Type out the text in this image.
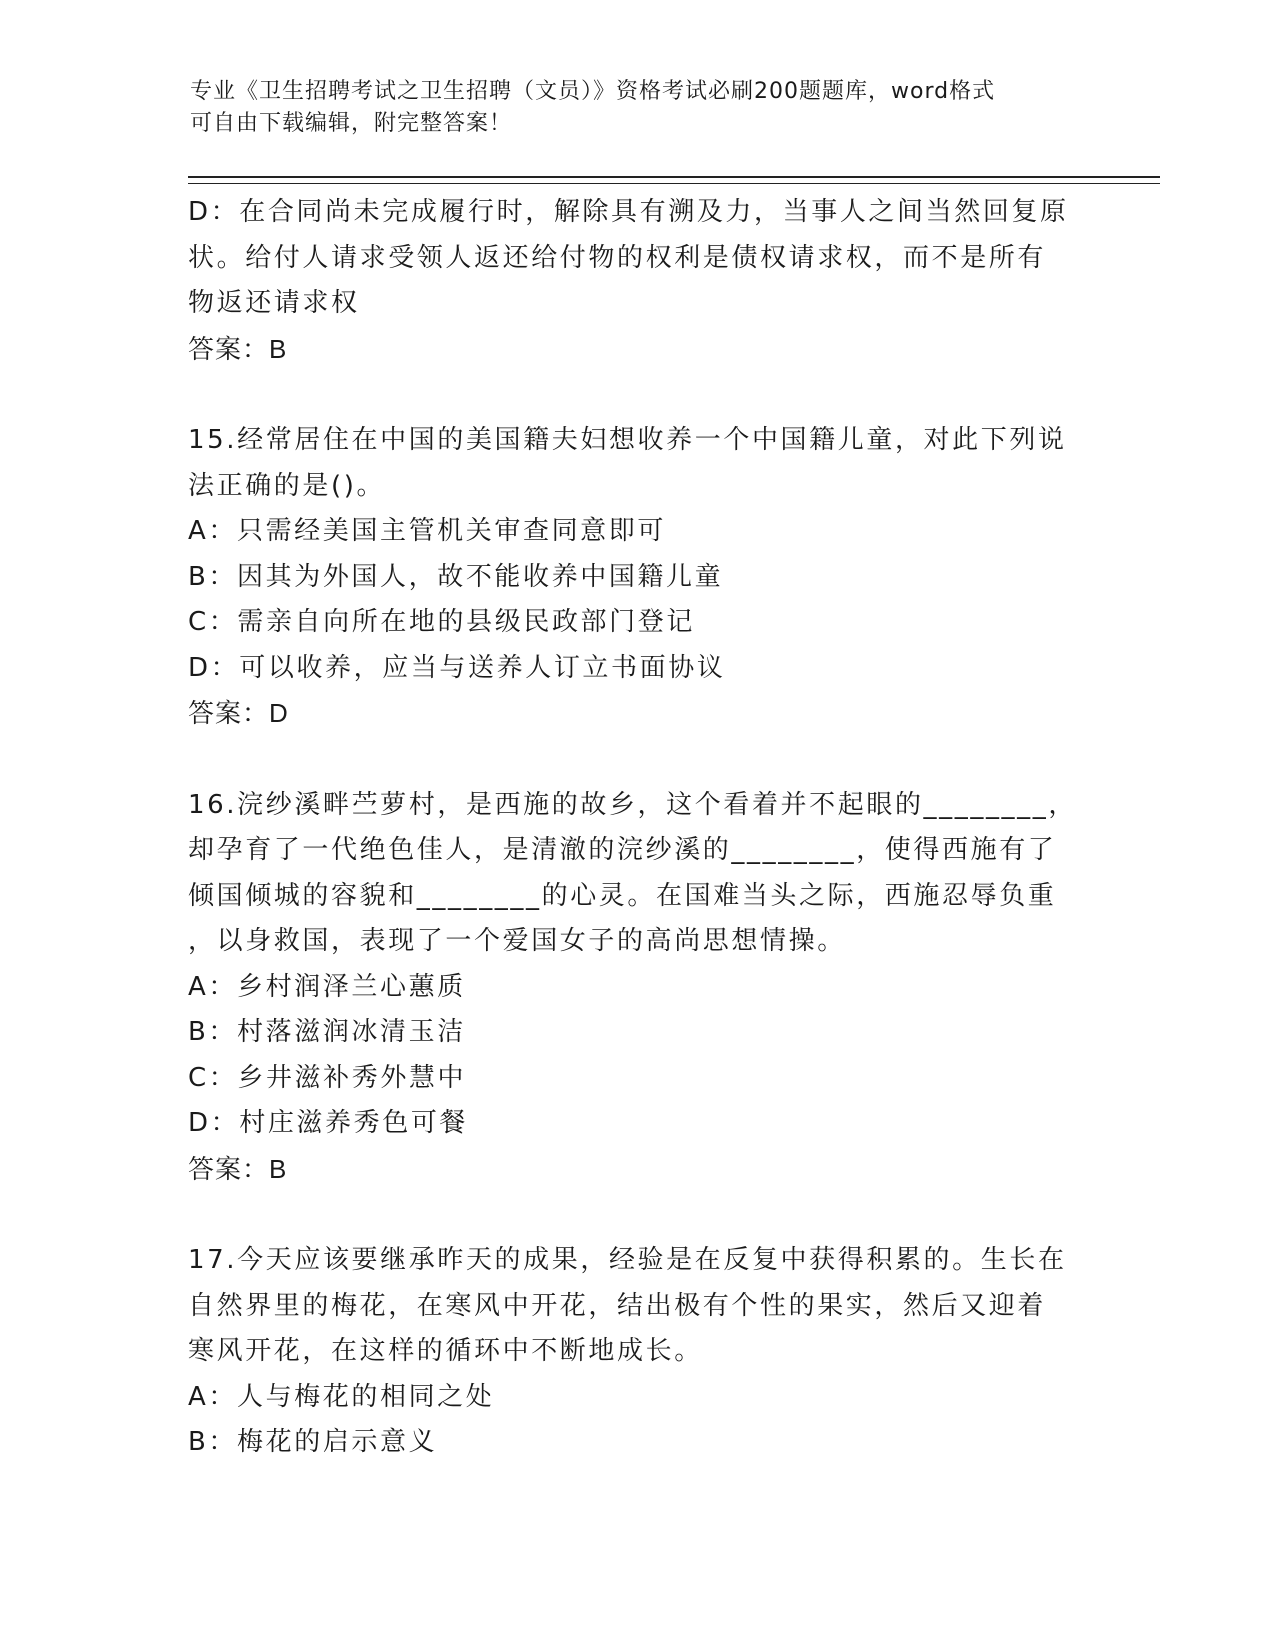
专业《卫生招聘考试之卫生招聘（文员）》资格考试必刷200题题库，word格式
可自由下载编辑，附完整答案！
D：在合同尚未完成履行时，解除具有溯及力，当事人之间当然回复原
状。给付人请求受领人返还给付物的权利是债权请求权，而不是所有
物返还请求权
答案：B
15.经常居住在中国的美国籍夫妇想收养一个中国籍儿童，对此下列说
法正确的是()。
A：只需经美国主管机关审查同意即可
B：因其为外国人，故不能收养中国籍儿童
C：需亲自向所在地的县级民政部门登记
D：可以收养，应当与送养人订立书面协议
答案：D
16.浣纱溪畔苎萝村，是西施的故乡，这个看着并不起眼的________，
却孕育了一代绝色佳人，是清澈的浣纱溪的________，使得西施有了
倾国倾城的容貌和________的心灵。在国难当头之际，西施忍辱负重
，以身救国，表现了一个爱国女子的高尚思想情操。
A：乡村润泽兰心蕙质
B：村落滋润冰清玉洁
C：乡井滋补秀外慧中
D：村庄滋养秀色可餐
答案：B
17.今天应该要继承昨天的成果，经验是在反复中获得积累的。生长在
自然界里的梅花，在寒风中开花，结出极有个性的果实，然后又迎着
寒风开花，在这样的循环中不断地成长。
A：人与梅花的相同之处
B：梅花的启示意义
